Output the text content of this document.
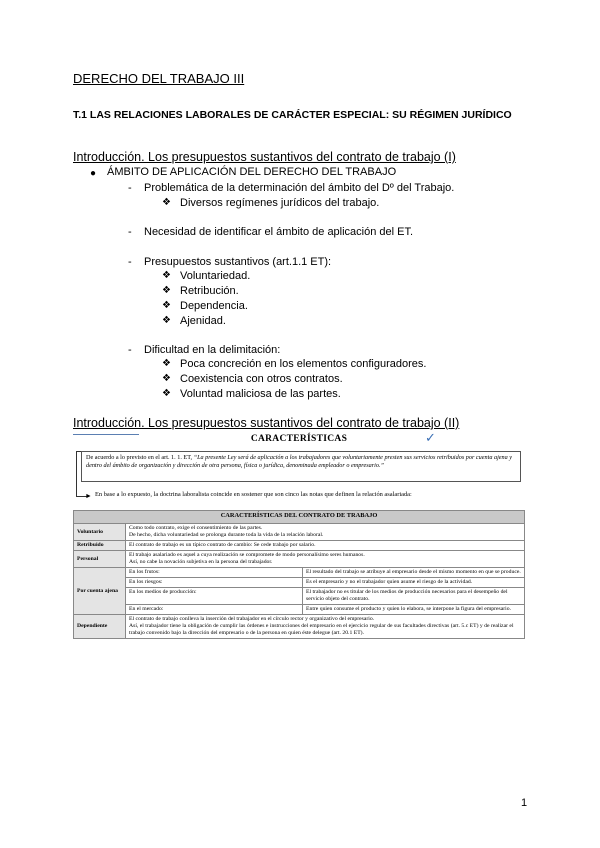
DERECHO DEL TRABAJO III
T.1 LAS RELACIONES LABORALES DE CARÁCTER ESPECIAL: SU RÉGIMEN JURÍDICO
Introducción. Los presupuestos sustantivos del contrato de trabajo (I)
● ÁMBITO DE APLICACIÓN DEL DERECHO DEL TRABAJO
- Problemática de la determinación del ámbito del Dº del Trabajo.
❖ Diversos regímenes jurídicos del trabajo.
- Necesidad de identificar el ámbito de aplicación del ET.
- Presupuestos sustantivos (art.1.1 ET):
❖ Voluntariedad.
❖ Retribución.
❖ Dependencia.
❖ Ajenidad.
- Dificultad en la delimitación:
❖ Poca concreción en los elementos configuradores.
❖ Coexistencia con otros contratos.
❖ Voluntad maliciosa de las partes.
Introducción. Los presupuestos sustantivos del contrato de trabajo (II)
CARACTERÍSTICAS	✓
►
De acuerdo a lo previsto en el art. 1. 1. ET, “La presente Ley será de aplicación a los trabajadores que voluntariamente presten sus servicios retribuidos por cuenta ajena y dentro del ámbito de organización y dirección de otra persona, física o jurídica, denominada empleador o empresario.”
En base a lo expuesto, la doctrina laboralista coincide en sostener que son cinco las notas que definen la relación asalariada:
CARACTERÍSTICAS DEL CONTRATO DE TRABAJO		
Voluntario	Como todo contrato, exige el consentimiento de las partes.
De hecho, dicha voluntariedad se prolonga durante toda la vida de la relación laboral.	

Retribuido	El contrato de trabajo es un típico contrato de cambio: Se cede trabajo por salario.	
Personal	El trabajo asalariado es aquel a cuya realización se compromete de modo personalísimo seres humanos.
Así, no cabe la novación subjetiva en la persona del trabajador.	

Por cuenta ajena	En los frutos:	El resultado del trabajo se atribuye al empresario desde el mismo momento en que se produce.
	En los riesgos:	Es el empresario y no el trabajador quien asume el riesgo de la actividad.
	En los medios de producción:	El trabajador no es titular de los medios de producción necesarios para el desempeño del servicio objeto del contrato.
	En el mercado:	Entre quien consume el producto y quien lo elabora, se interpone la figura del empresario.
Dependiente	El contrato de trabajo conlleva la inserción del trabajador en el círculo rector y organizativo del empresario.
Así, el trabajador tiene la obligación de cumplir las órdenes e instrucciones del empresario en el ejercicio regular de sus facultades directivas (art. 5.c ET) y de realizar el trabajo convenido bajo la dirección del empresario o de la persona en quien éste delegue (art. 20.1 ET).	
1
